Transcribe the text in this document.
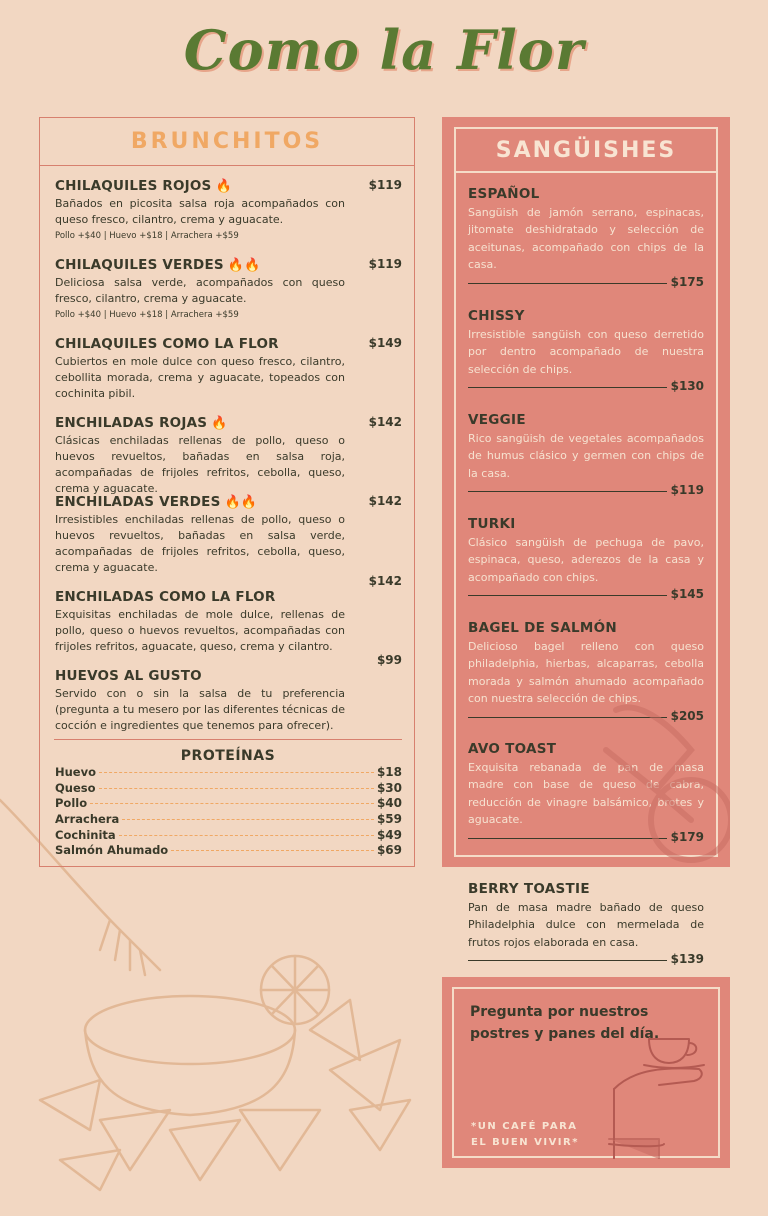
Como la Flor
BRUNCHITOS
CHILAQUILES ROJOS 🔥	$119
Bañados en picosita salsa roja acompañados con queso fresco, cilantro, crema y aguacate.
Pollo +$40 | Huevo +$18 | Arrachera +$59
CHILAQUILES VERDES 🔥🔥	$119
Deliciosa salsa verde, acompañados con queso fresco, cilantro, crema y aguacate.
Pollo +$40 | Huevo +$18 | Arrachera +$59
CHILAQUILES COMO LA FLOR	$149
Cubiertos en mole dulce con queso fresco, cilantro, cebollita morada, crema y aguacate, topeados con cochinita pibil.
ENCHILADAS ROJAS 🔥	$142
Clásicas enchiladas rellenas de pollo, queso o huevos revueltos, bañadas en salsa roja, acompañadas de frijoles refritos, cebolla, queso, crema y aguacate.
ENCHILADAS VERDES 🔥🔥	$142
Irresistibles enchiladas rellenas de pollo, queso o huevos revueltos, bañadas en salsa verde, acompañadas de frijoles refritos, cebolla, queso, crema y aguacate.
ENCHILADAS COMO LA FLOR
$142
Exquisitas enchiladas de mole dulce, rellenas de pollo, queso o huevos revueltos, acompañadas con frijoles refritos, aguacate, queso, crema y cilantro.
HUEVOS AL GUSTO
$99
Servido con o sin la salsa de tu preferencia (pregunta a tu mesero por las diferentes técnicas de cocción e ingredientes que tenemos para ofrecer).
PROTEÍNAS
Huevo	$18
Queso	$30
Pollo	$40
Arrachera	$59
Cochinita	$49
Salmón Ahumado	$69
SANGÜISHES
ESPAÑOL
Sangüish de jamón serrano, espinacas, jitomate deshidratado y selección de aceitunas, acompañado con chips de la casa.
$175
CHISSY
Irresistible sangüish con queso derretido por dentro acompañado de nuestra selección de chips.
$130
VEGGIE
Rico sangüish de vegetales acompañados de humus clásico y germen con chips de la casa.
$119
TURKI
Clásico sangüish de pechuga de pavo, espinaca, queso, aderezos de la casa y acompañado con chips.
$145
BAGEL DE SALMÓN
Delicioso bagel relleno con queso philadelphia, hierbas, alcaparras, cebolla morada y salmón ahumado acompañado con nuestra selección de chips.
$205
AVO TOAST
Exquisita rebanada de pan de masa madre con base de queso de cabra, reducción de vinagre balsámico, brotes y aguacate.
$179
BERRY TOASTIE
Pan de masa madre bañado de queso Philadelphia dulce con mermelada de frutos rojos elaborada en casa.
$139
Pregunta por nuestros postres y panes del día.
*UN CAFÉ PARA
EL BUEN VIVIR*
